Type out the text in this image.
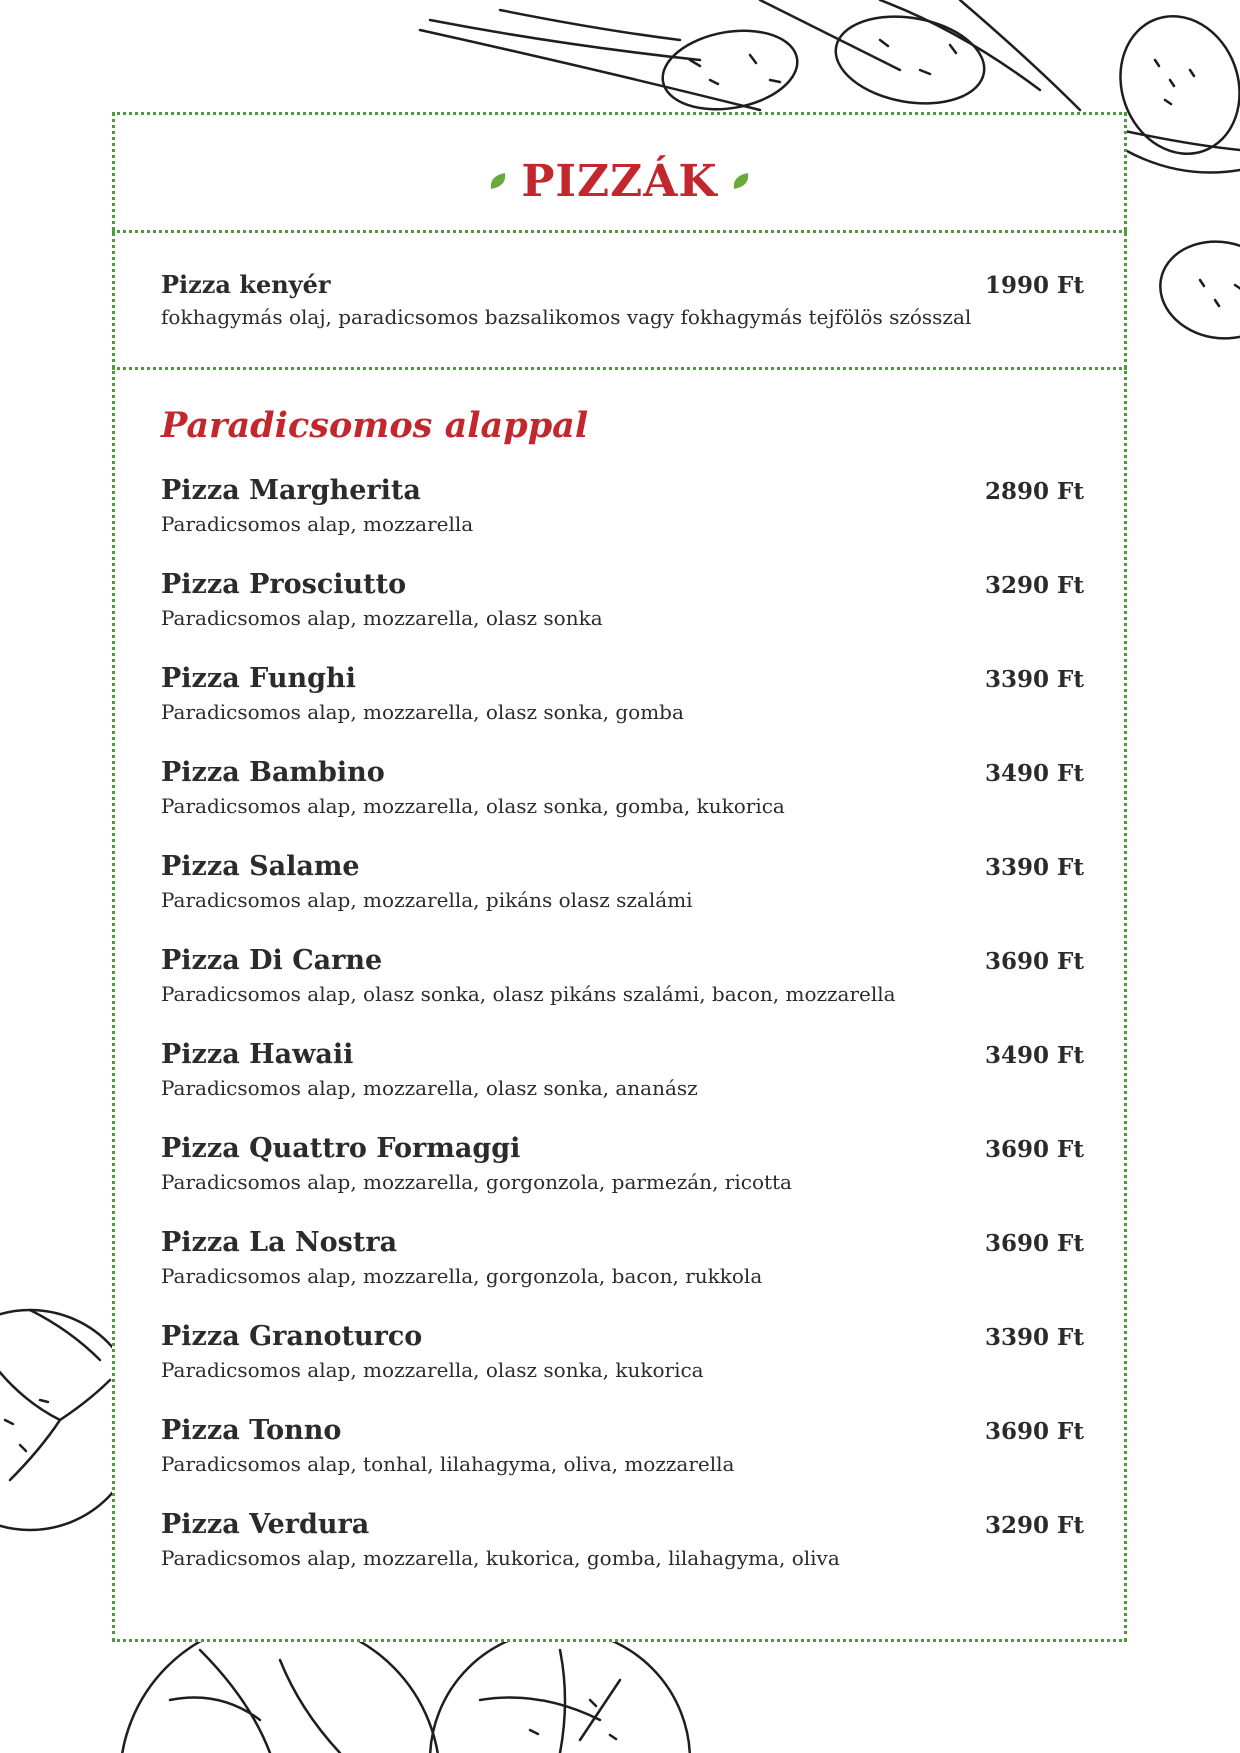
PIZZÁK
Pizza kenyér	1990 Ft
fokhagymás olaj, paradicsomos bazsalikomos vagy fokhagymás tejfölös szósszal
Paradicsomos alappal
Pizza Margherita	2890 Ft
Paradicsomos alap, mozzarella
Pizza Prosciutto	3290 Ft
Paradicsomos alap, mozzarella, olasz sonka
Pizza Funghi	3390 Ft
Paradicsomos alap, mozzarella, olasz sonka, gomba
Pizza Bambino	3490 Ft
Paradicsomos alap, mozzarella, olasz sonka, gomba, kukorica
Pizza Salame	3390 Ft
Paradicsomos alap, mozzarella, pikáns olasz szalámi
Pizza Di Carne	3690 Ft
Paradicsomos alap, olasz sonka, olasz pikáns szalámi, bacon, mozzarella
Pizza Hawaii	3490 Ft
Paradicsomos alap, mozzarella, olasz sonka, ananász
Pizza Quattro Formaggi	3690 Ft
Paradicsomos alap, mozzarella, gorgonzola, parmezán, ricotta
Pizza La Nostra	3690 Ft
Paradicsomos alap, mozzarella, gorgonzola, bacon, rukkola
Pizza Granoturco	3390 Ft
Paradicsomos alap, mozzarella, olasz sonka, kukorica
Pizza Tonno	3690 Ft
Paradicsomos alap, tonhal, lilahagyma, oliva, mozzarella
Pizza Verdura	3290 Ft
Paradicsomos alap, mozzarella, kukorica, gomba, lilahagyma, oliva
